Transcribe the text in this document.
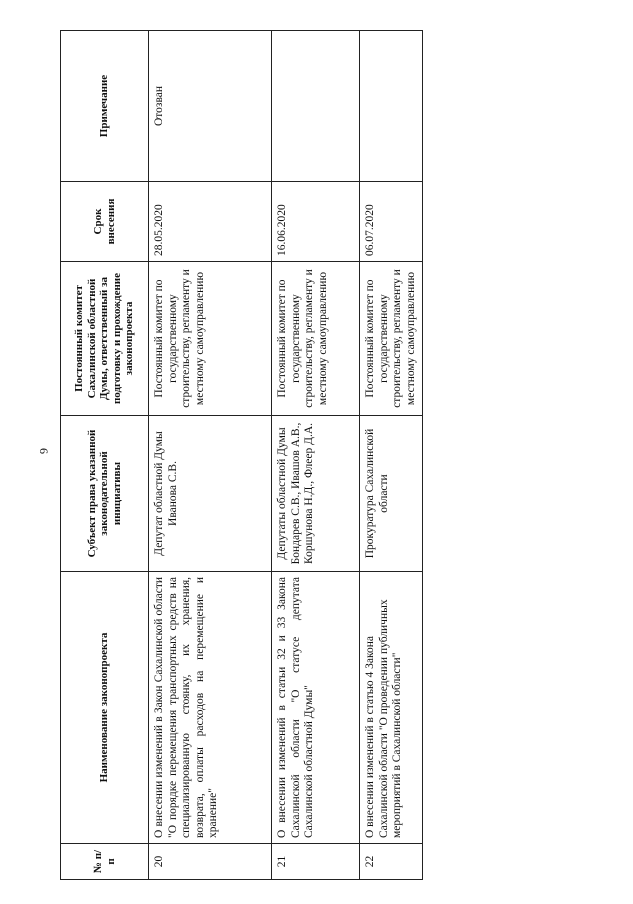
6
№ п/п	Наименование законопроекта	Субъект права указанной законодательной инициативы	Постоянный комитет Сахалинской областной Думы, ответственный за подготовку и прохождение законопроекта	Срок внесения	Примечание
20	О внесении изменений в Закон Сахалинской области "О порядке перемещения транспортных средств на специализированную стоянку, их хранения, возврата, оплаты расходов на перемещение и хранение"	Депутат областной Думы Иванова С.В.	Постоянный комитет по государственному строительству, регламенту и местному самоуправлению	28.05.2020	Отозван
21	О внесении изменений в статьи 32 и 33 Закона Сахалинской области "О статусе депутата Сахалинской областной Думы"	Депутаты областной Думы Бондарев С.В., Ивашов А.В., Коршунова Н.Д., Флеер Д.А.	Постоянный комитет по государственному строительству, регламенту и местному самоуправлению	16.06.2020	
22	О внесении изменений в статью 4 Закона Сахалинской области "О проведении публичных мероприятий в Сахалинской области"	Прокуратура Сахалинской области	Постоянный комитет по государственному строительству, регламенту и местному самоуправлению	06.07.2020	
